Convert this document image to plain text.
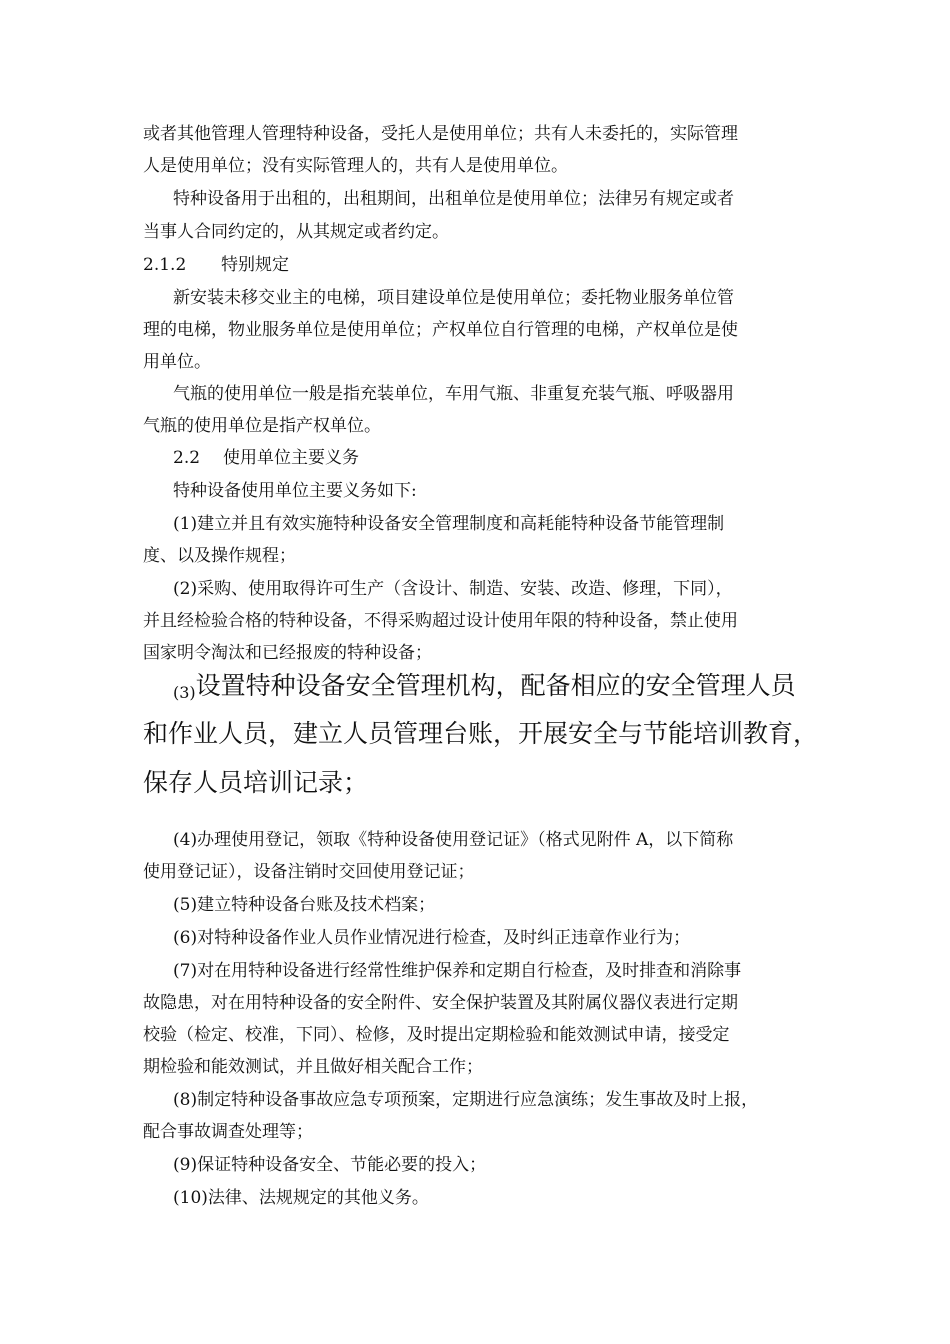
或者其他管理人管理特种设备，受托人是使用单位；共有人未委托的，实际管理
人是使用单位；没有实际管理人的，共有人是使用单位。
特种设备用于出租的，出租期间，出租单位是使用单位；法律另有规定或者
当事人合同约定的，从其规定或者约定。
2.1.2 特别规定
新安装未移交业主的电梯，项目建设单位是使用单位；委托物业服务单位管
理的电梯，物业服务单位是使用单位；产权单位自行管理的电梯，产权单位是使
用单位。
气瓶的使用单位一般是指充装单位，车用气瓶、非重复充装气瓶、呼吸器用
气瓶的使用单位是指产权单位。
2.2 使用单位主要义务
特种设备使用单位主要义务如下:
(1)建立并且有效实施特种设备安全管理制度和高耗能特种设备节能管理制
度、以及操作规程；
(2)采购、使用取得许可生产（含设计、制造、安装、改造、修理，下同），
并且经检验合格的特种设备，不得采购超过设计使用年限的特种设备，禁止使用
国家明令淘汰和已经报废的特种设备；
(3)设置特种设备安全管理机构，配备相应的安全管理人员
和作业人员，建立人员管理台账，开展安全与节能培训教育，
保存人员培训记录；
(4)办理使用登记，领取《特种设备使用登记证》（格式见附件 A，以下简称
使用登记证），设备注销时交回使用登记证；
(5)建立特种设备台账及技术档案；
(6)对特种设备作业人员作业情况进行检查，及时纠正违章作业行为；
(7)对在用特种设备进行经常性维护保养和定期自行检查，及时排查和消除事
故隐患，对在用特种设备的安全附件、安全保护装置及其附属仪器仪表进行定期
校验（检定、校准，下同）、检修，及时提出定期检验和能效测试申请，接受定
期检验和能效测试，并且做好相关配合工作；
(8)制定特种设备事故应急专项预案，定期进行应急演练；发生事故及时上报，
配合事故调查处理等；
(9)保证特种设备安全、节能必要的投入；
(10)法律、法规规定的其他义务。
